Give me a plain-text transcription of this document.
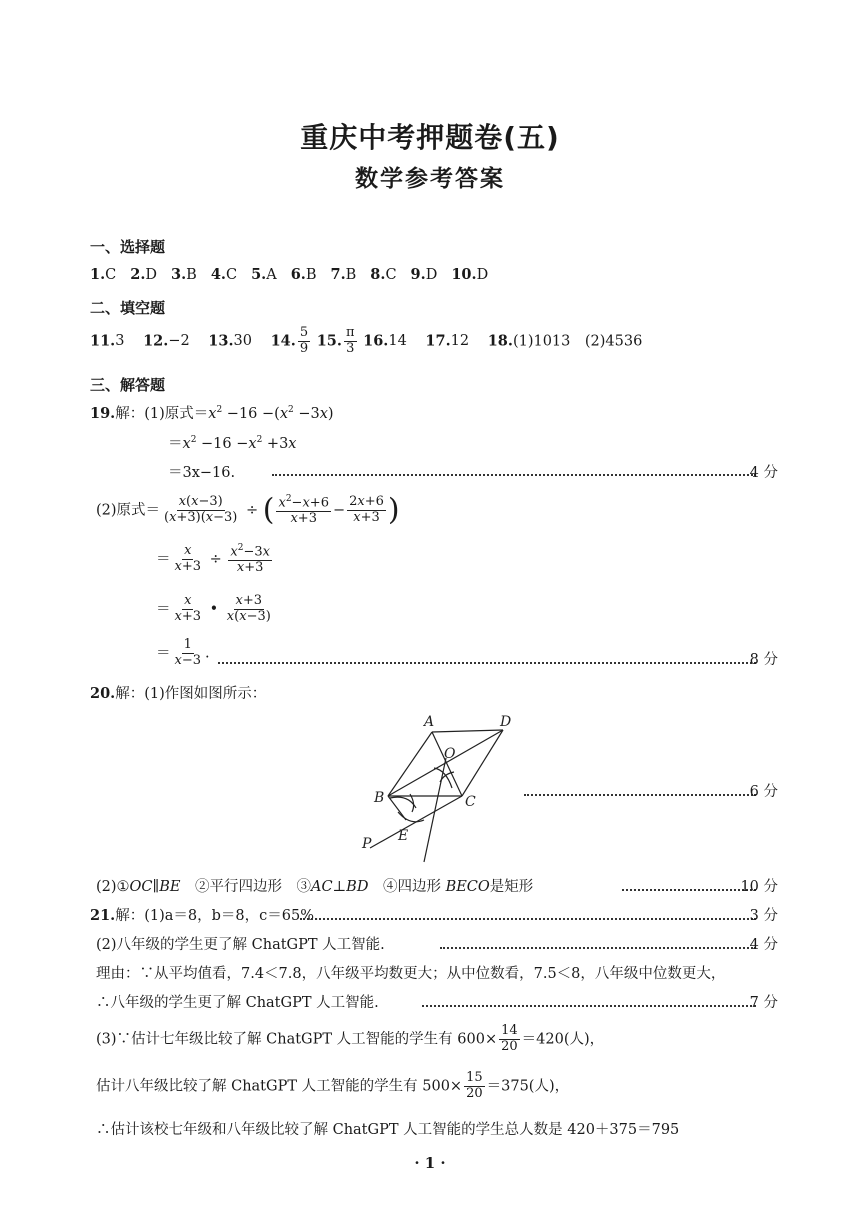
重庆中考押题卷(五)
数学参考答案
一、选择题
1.C 2.D 3.B 4.C 5.A 6.B 7.B 8.C 9.D 10.D
二、填空题
11.3 12.−2 13.30 14. $\frac{5}{9} 15$. $\frac{\pi}{3} 16.14$ 17.12 18.(1)1013　(2)4536
三、解答题
19.解：(1)原式$=x^2 -16 -(x^2 -3x)$
$=x^2 -16 -x^2 +3x$
＝3x−16.	4 分
(2)原式＝ $\frac{x(x-3)}{(x+3)(x-3)}$ ÷ ( $\frac{x^2-x+6}{x+3} - \frac{2x+6}{x+3}$ )
＝ $\frac{x}{x+3} \div \frac{x^2-3x}{x+3}$
＝ $\frac{x}{x+3}$ • $\frac{x+3}{x(x-3)}$
＝ $\frac{1}{x-3}$ .	8 分
20.解：(1)作图如图所示：
A	D
O
B	C
E
P
6 分
(2)①OC∥BE　 ②平行四边形　③AC⊥BD　 ④四边形 BECO是矩形	10 分
21.解：(1)a＝8，b＝8，c＝65%.	3 分
(2)八年级的学生更了解 ChatGPT 人工智能.	4 分
理由：∵从平均值看，7.4＜7.8，八年级平均数更大；从中位数看，7.5＜8，八年级中位数更大，
∴八年级的学生更了解 ChatGPT 人工智能.	7 分
(3)∵估计七年级比较了解 ChatGPT 人工智能的学生有 $600\times \frac{14}{20} =420$(人)，
估计八年级比较了解 ChatGPT 人工智能的学生有 $500\times \frac{15}{20} =375$(人)，
∴估计该校七年级和八年级比较了解 ChatGPT 人工智能的学生总人数是 420＋375＝795
· 1 ·
